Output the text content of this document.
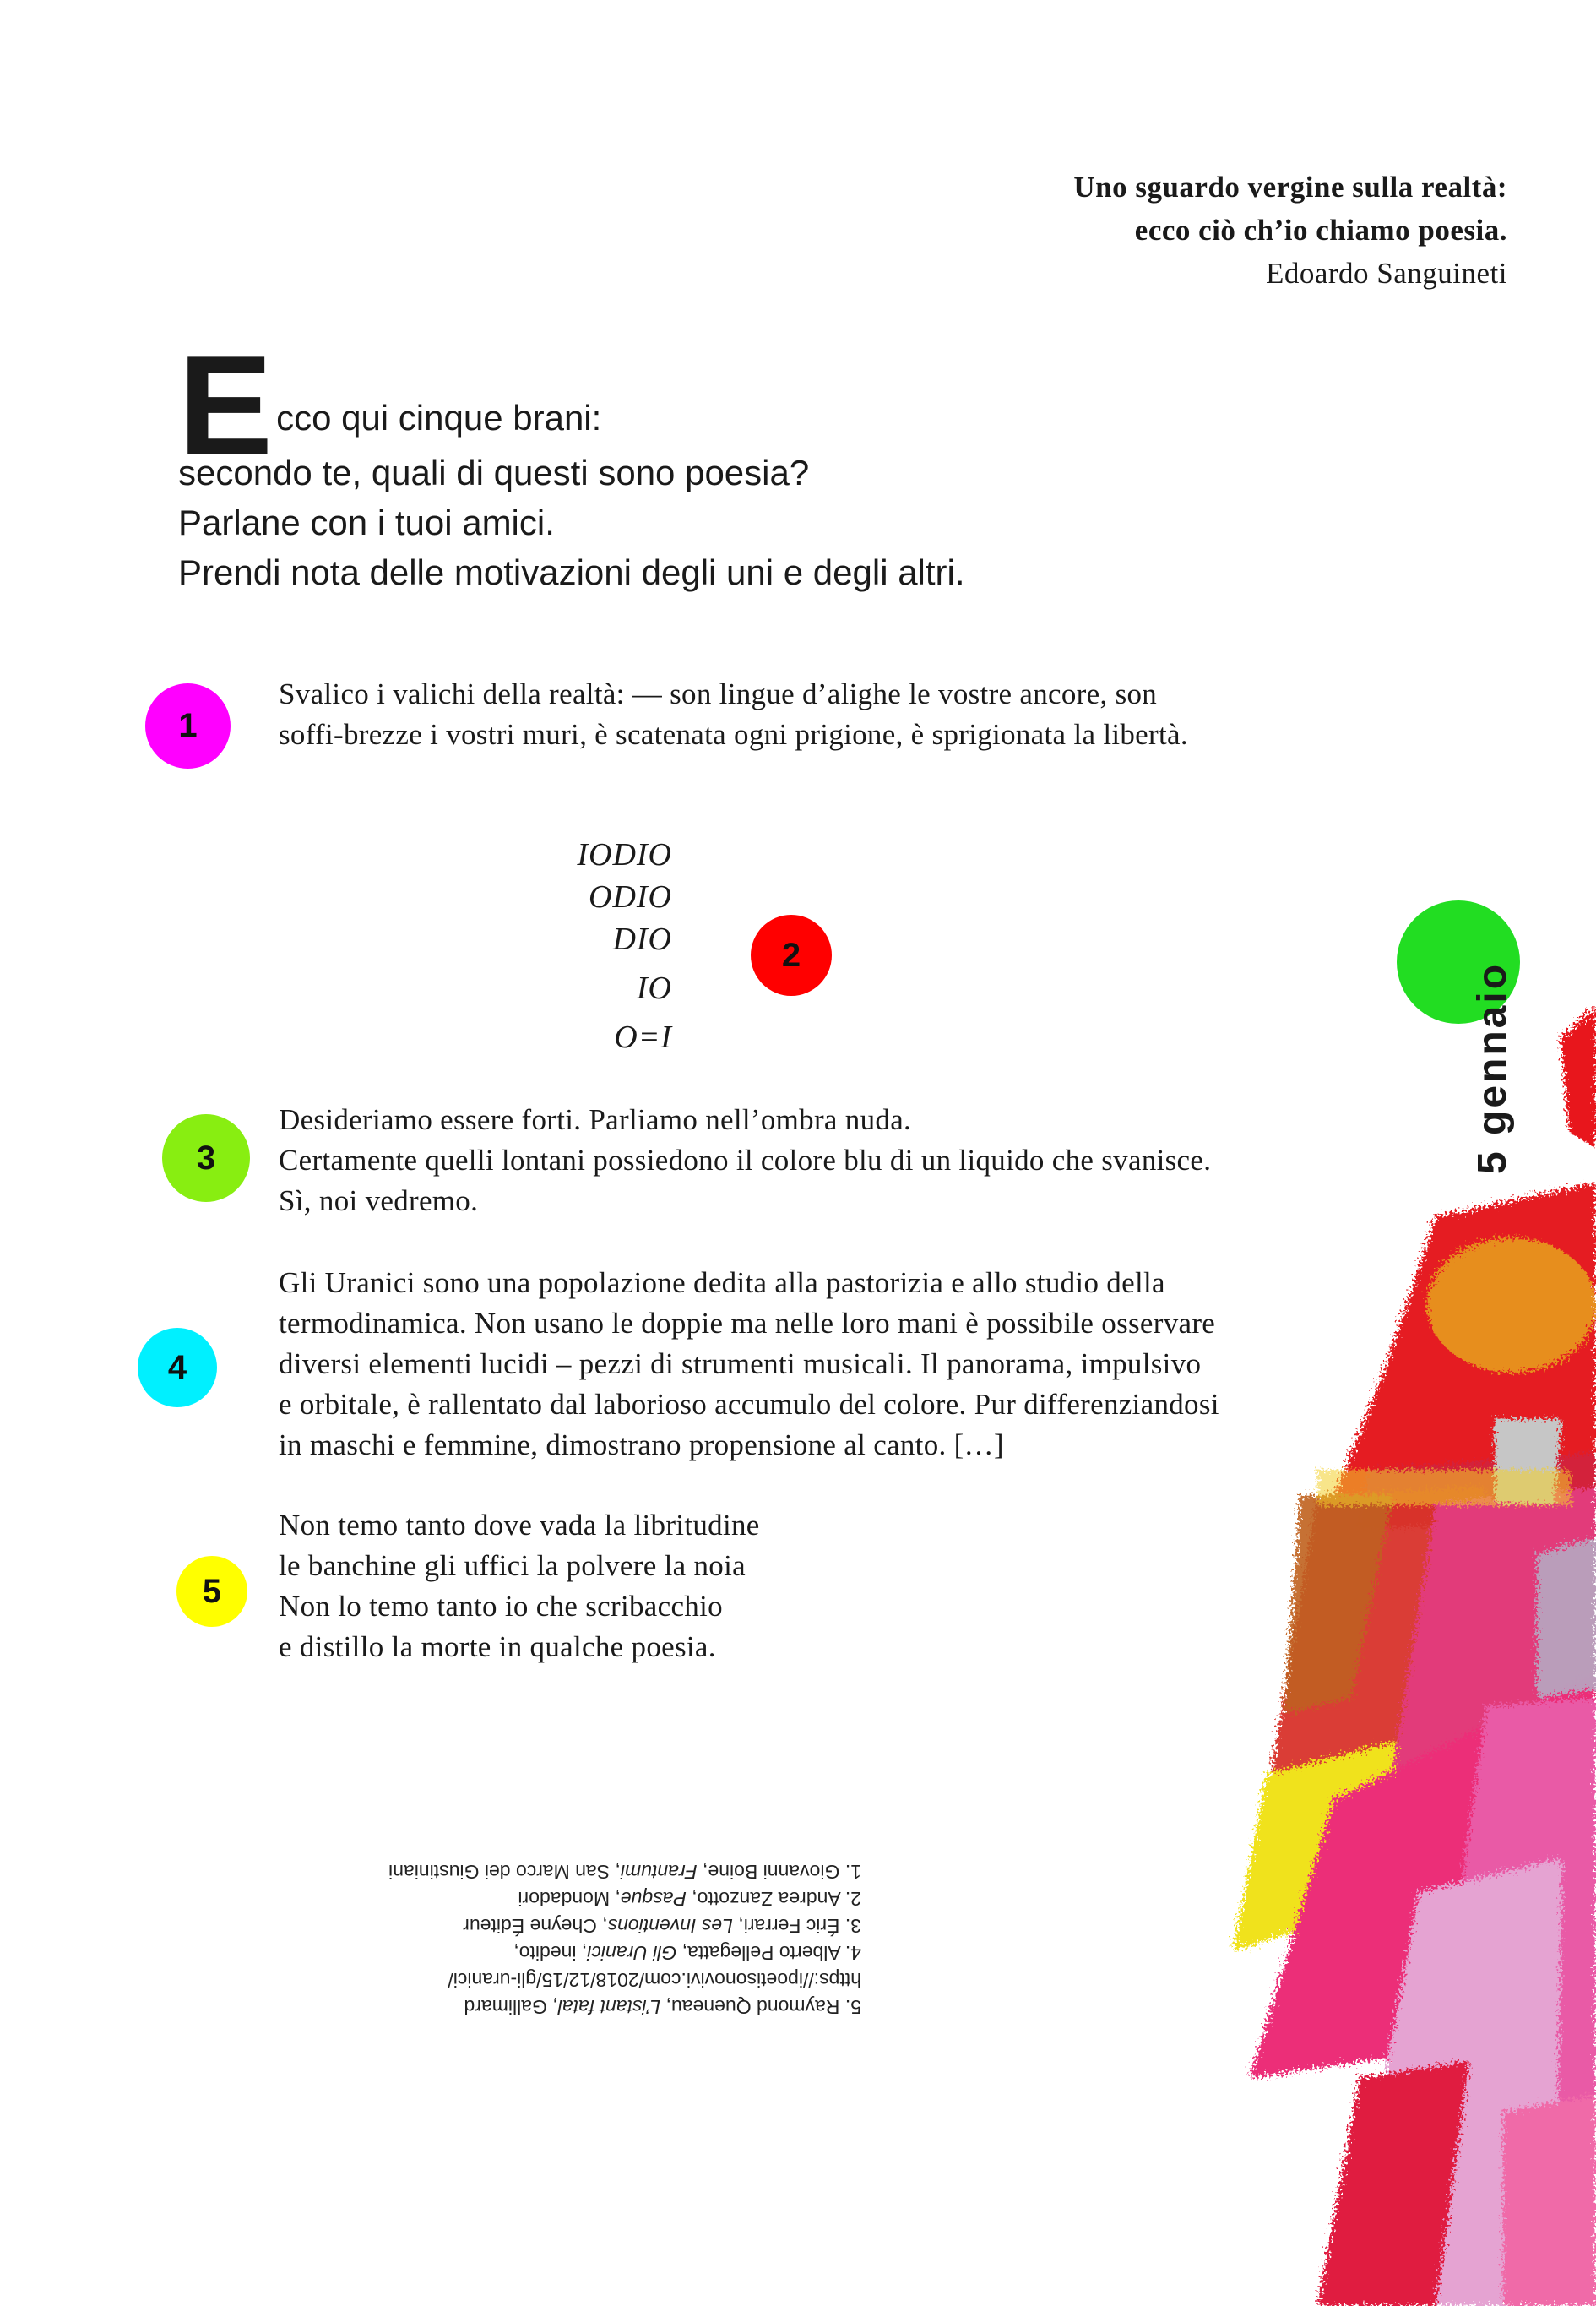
Uno sguardo vergine sulla realtà:
ecco ciò ch’io chiamo poesia.
Edoardo Sanguineti
Ecco qui cinque brani:
secondo te, quali di questi sono poesia?
Parlane con i tuoi amici.
Prendi nota delle motivazioni degli uni e degli altri.
1
Svalico i valichi della realtà: — son lingue d’alighe le vostre ancore, son
soffi-brezze i vostri muri, è scatenata ogni prigione, è sprigionata la libertà.
IODIO
ODIO
DIO
IO
O=I
2
3
Desideriamo essere forti. Parliamo nell’ombra nuda.
Certamente quelli lontani possiedono il colore blu di un liquido che svanisce.
Sì, noi vedremo.
4
Gli Uranici sono una popolazione dedita alla pastorizia e allo studio della
termodinamica. Non usano le doppie ma nelle loro mani è possibile osservare
diversi elementi lucidi – pezzi di strumenti musicali. Il panorama, impulsivo
e orbitale, è rallentato dal laborioso accumulo del colore. Pur differenziandosi
in maschi e femmine, dimostrano propensione al canto. […]
5
Non temo tanto dove vada la libritudine
le banchine gli uffici la polvere la noia
Non lo temo tanto io che scribacchio
e distillo la morte in qualche poesia.
5 gennaio
5. Raymond Queneau, L’istant fatal, Gallimard
https://ipoetisonovivi.com/2018/12/15/gli-uranici/
4. Alberto Pellegatta, Gli Uranici, inedito,
3. Éric Ferrari, Les Inventions, Cheyne Éditeur
2. Andrea Zanzotto, Pasque, Mondadori
1. Giovanni Boine, Frantumi, San Marco dei Giustiniani
